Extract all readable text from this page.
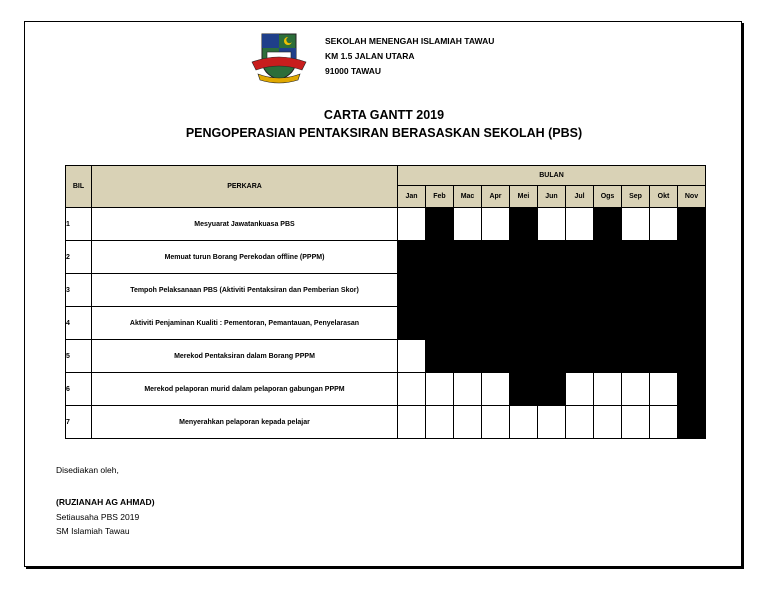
SEKOLAH MENENGAH ISLAMIAH TAWAU
KM 1.5 JALAN UTARA
91000 TAWAU
CARTA GANTT 2019
PENGOPERASIAN PENTAKSIRAN BERASASKAN SEKOLAH (PBS)
BIL	PERKARA	BULAN										
		Jan	Feb	Mac	Apr	Mei	Jun	Jul	Ogs	Sep	Okt	Nov
1	Mesyuarat Jawatankuasa PBS											
2	Memuat turun Borang Perekodan offline (PPPM)											
3	Tempoh Pelaksanaan PBS (Aktiviti Pentaksiran dan Pemberian Skor)											
4	Aktiviti Penjaminan Kualiti : Pementoran, Pemantauan, Penyelarasan											
5	Merekod Pentaksiran dalam Borang PPPM											
6	Merekod pelaporan murid dalam pelaporan gabungan PPPM											
7	Menyerahkan pelaporan kepada pelajar											
Disediakan oleh,
(RUZIANAH AG AHMAD)
Setiausaha PBS 2019
SM Islamiah Tawau
